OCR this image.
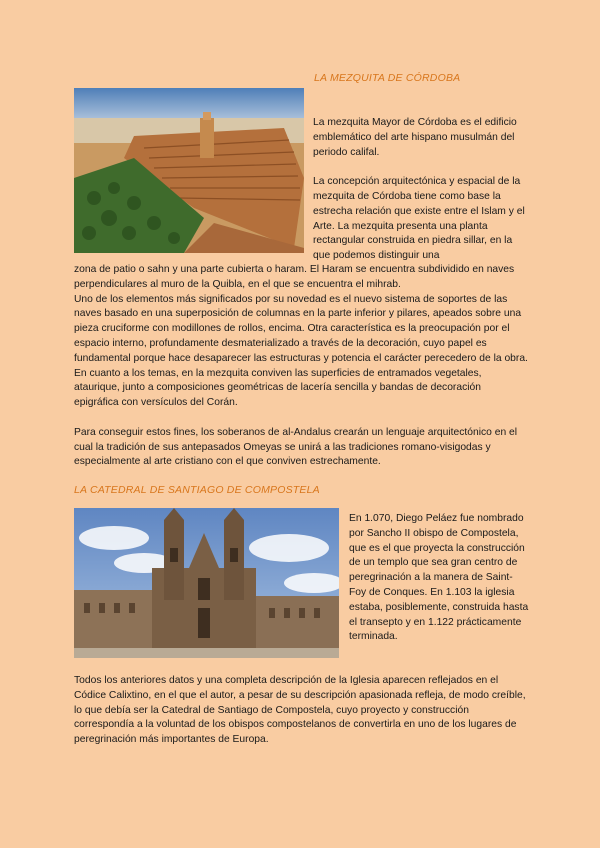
LA MEZQUITA DE CÓRDOBA

La mezquita Mayor de Córdoba es el edificio emblemático del arte hispano musulmán del periodo califal.

La concepción arquitectónica y espacial de la mezquita de Córdoba tiene como base la estrecha relación que existe entre el Islam y el Arte. La mezquita presenta una planta rectangular construida en piedra sillar, en la que podemos distinguir una

zona de patio o sahn y una parte cubierta o haram. El Haram se encuentra subdividido en naves perpendiculares al muro de la Quibla, en el que se encuentra el mihrab.

Uno de los elementos más significados por su novedad es el nuevo sistema de soportes de las naves basado en una superposición de columnas en la parte inferior y pilares, apeados sobre una pieza cruciforme con modillones de rollos, encima. Otra característica es la preocupación por el espacio interno, profundamente desmaterializado a través de la decoración, cuyo papel es fundamental porque hace desaparecer las estructuras y potencia el carácter perecedero de la obra. En cuanto a los temas, en la mezquita conviven las superficies de entramados vegetales, ataurique, junto a composiciones geométricas de lacería sencilla y bandas de decoración epigráfica con versículos del Corán.

Para conseguir estos fines, los soberanos de al-Andalus crearán un lenguaje arquitectónico en el cual la tradición de sus antepasados Omeyas se unirá a las tradiciones romano-visigodas y especialmente al arte cristiano con el que conviven estrechamente.

LA CATEDRAL DE SANTIAGO DE COMPOSTELA
En 1.070, Diego Peláez fue nombrado por Sancho II obispo de Compostela, que es el que proyecta la construcción de un templo que sea gran centro de peregrinación a la manera de Saint- Foy de Conques. En 1.103 la iglesia estaba, posiblemente, construida hasta el transepto y en 1.122 prácticamente terminada.
Todos los anteriores datos y una completa descripción de la Iglesia aparecen reflejados en el Códice Calixtino, en el que el autor, a pesar de su descripción apasionada refleja, de modo creíble, lo que debía ser la Catedral de Santiago de Compostela, cuyo proyecto y construcción correspondía a la voluntad de los obispos compostelanos de convertirla en uno de los lugares de peregrinación más importantes de Europa.
